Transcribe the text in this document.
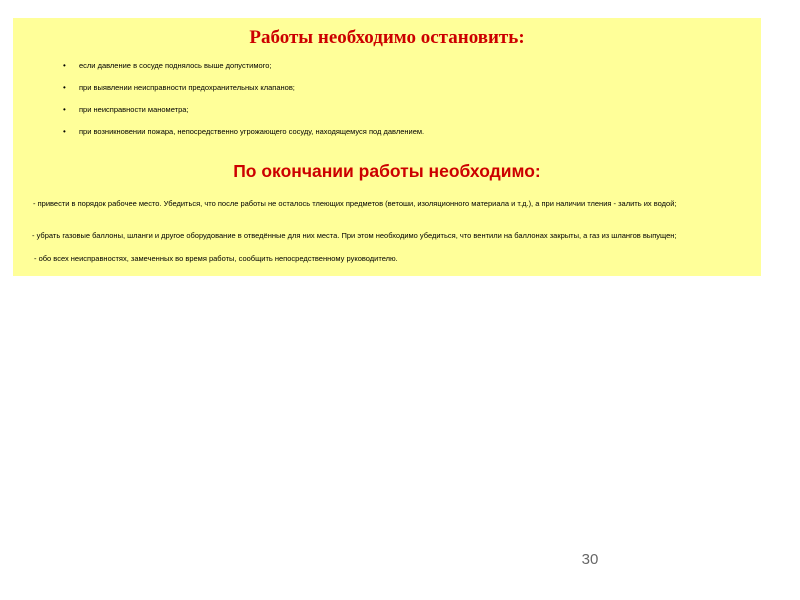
Работы необходимо остановить:
• если давление в сосуде поднялось выше допустимого;
• при выявлении неисправности предохранительных клапанов;
• при неисправности манометра;
• при возникновении пожара, непосредственно угрожающего сосуду, находящемуся под давлением.
По окончании работы необходимо:

- привести в порядок рабочее место. Убедиться, что после работы не осталось тлеющих предметов (ветоши, изоляционного материала и т.д.), а при наличии тления - залить их водой;

- убрать газовые баллоны, шланги и другое оборудование в отведённые для них места. При этом необходимо убедиться, что вентили на баллонах закрыты, а газ из шлангов выпущен;

- обо всех неисправностях, замеченных во время работы, сообщить непосредственному руководителю.

30
